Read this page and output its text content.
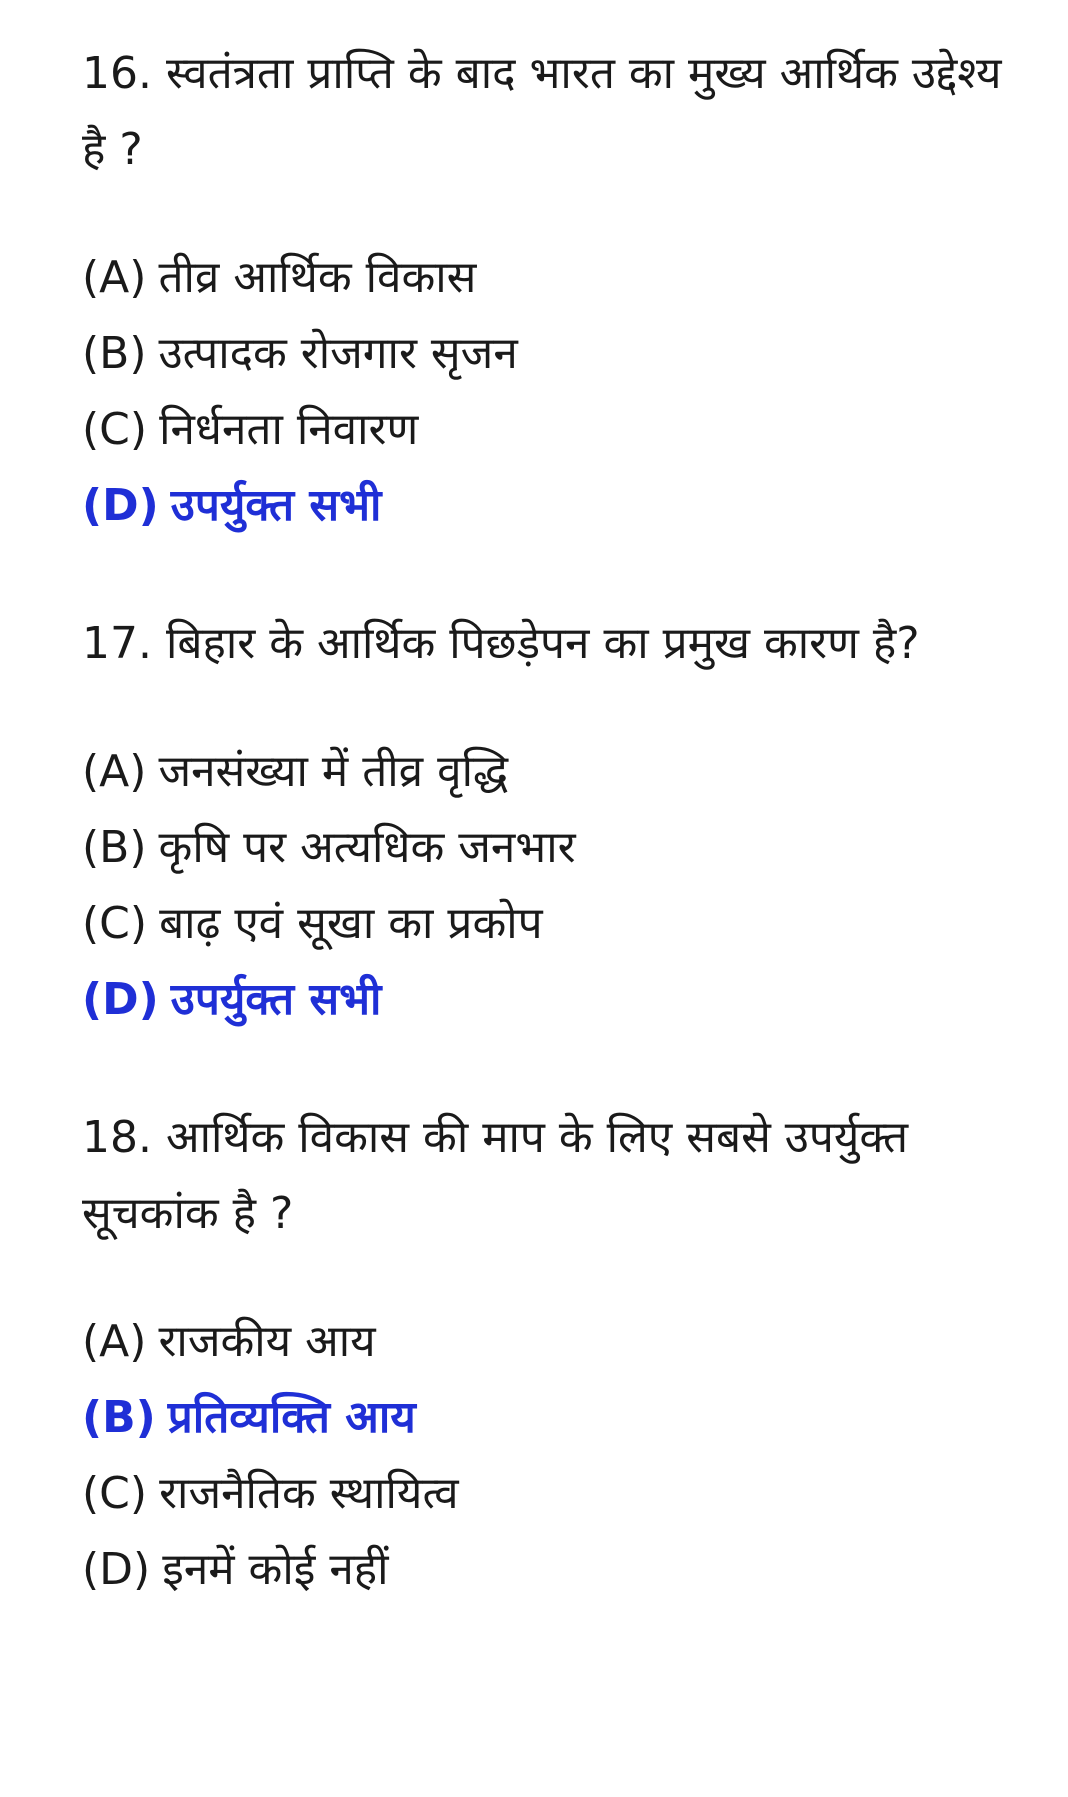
16. स्वतंत्रता प्राप्ति के बाद भारत का मुख्य आर्थिक उद्देश्य है ?

(A) तीव्र आर्थिक विकास
(B) उत्पादक रोजगार सृजन
(C) निर्धनता निवारण
(D) उपर्युक्त सभी

17. बिहार के आर्थिक पिछड़ेपन का प्रमुख कारण है?

(A) जनसंख्या में तीव्र वृद्धि
(B) कृषि पर अत्यधिक जनभार
(C) बाढ़ एवं सूखा का प्रकोप
(D) उपर्युक्त सभी

18. आर्थिक विकास की माप के लिए सबसे उपर्युक्त सूचकांक है ?

(A) राजकीय आय
(B) प्रतिव्यक्ति आय
(C) राजनैतिक स्थायित्व
(D) इनमें कोई नहीं
